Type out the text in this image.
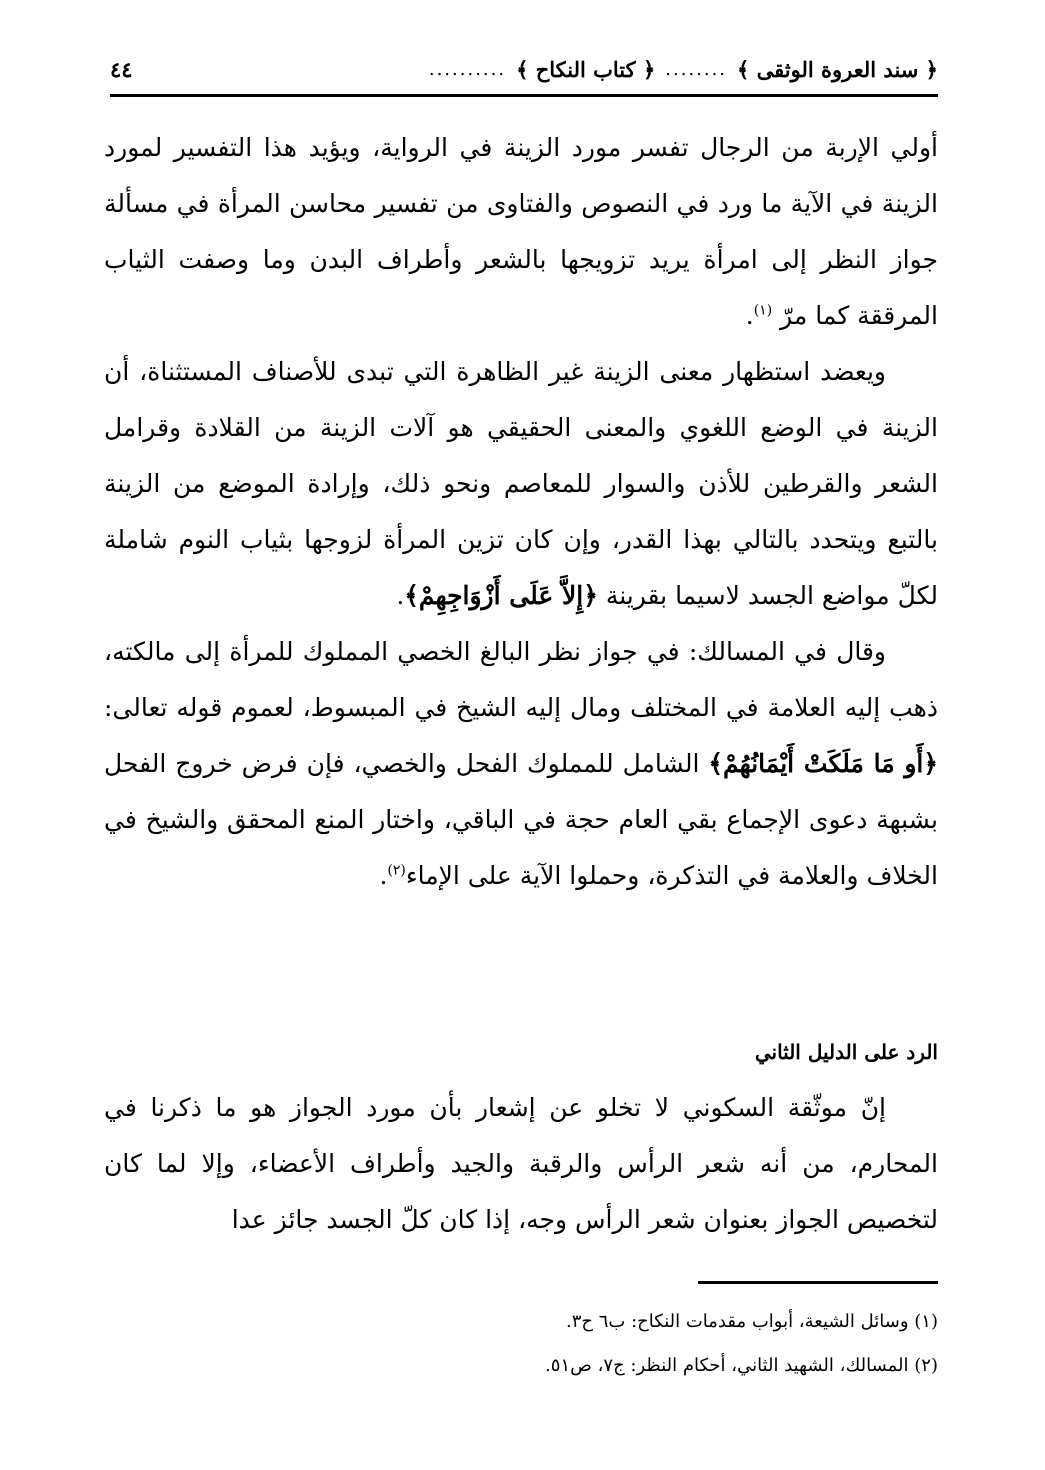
﴿ سند العروة الوثقى ﴾
........
﴿ كتاب النكاح ﴾
..........
٤٤

أولي الإربة من الرجال تفسر مورد الزينة في الرواية، ويؤيد هذا التفسير لمورد الزينة في الآية ما ورد في النصوص والفتاوى من تفسير محاسن المرأة في مسألة جواز النظر إلى امرأة يريد تزويجها بالشعر وأطراف البدن وما وصفت الثياب المرققة كما مرّ $^{(١)}$.

ويعضد استظهار معنى الزينة غير الظاهرة التي تبدى للأصناف المستثناة، أن الزينة في الوضع اللغوي والمعنى الحقيقي هو آلات الزينة من القلادة وقرامل الشعر والقرطين للأذن والسوار للمعاصم ونحو ذلك، وإرادة الموضع من الزينة بالتبع ويتحدد بالتالي بهذا القدر، وإن كان تزين المرأة لزوجها بثياب النوم شاملة لكلّ مواضع الجسد لاسيما بقرينة ﴿إِلاَّ عَلَى أَزْوَاجِهِمْ﴾.

وقال في المسالك: في جواز نظر البالغ الخصي المملوك للمرأة إلى مالكته، ذهب إليه العلامة في المختلف ومال إليه الشيخ في المبسوط، لعموم قوله تعالى: ﴿أَو مَا مَلَكَتْ أَيْمَانُهُمْ﴾ الشامل للمملوك الفحل والخصي، فإن فرض خروج الفحل بشبهة دعوى الإجماع بقي العام حجة في الباقي، واختار المنع المحقق والشيخ في الخلاف والعلامة في التذكرة، وحملوا الآية على الإماء$^{(٢)}$.

الرد على الدليل الثاني

إنّ موثّقة السكوني لا تخلو عن إشعار بأن مورد الجواز هو ما ذكرنا في المحارم، من أنه شعر الرأس والرقبة والجيد وأطراف الأعضاء، وإلا لما كان لتخصيص الجواز بعنوان شعر الرأس وجه، إذا كان كلّ الجسد جائز عدا

(١) وسائل الشيعة، أبواب مقدمات النكاح: ب٦ ح٣.
(٢) المسالك، الشهيد الثاني، أحكام النظر: ج٧، ص٥١.
